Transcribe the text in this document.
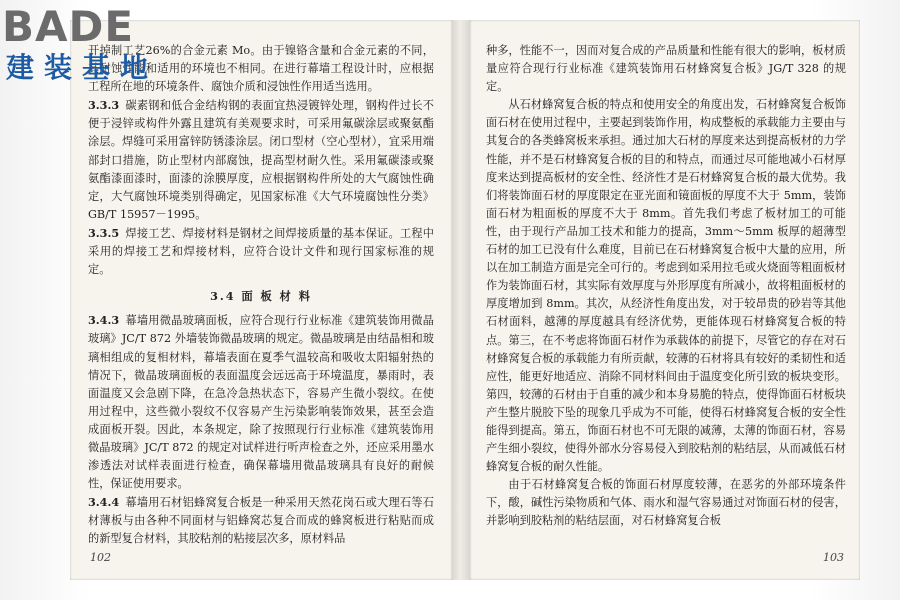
开掉制工艺26%的合金元素 Mo。由于镍铬含量和合金元素的不同，其耐蚀性能和适用的环境也不相同。在进行幕墙工程设计时，应根据工程所在地的环境条件、腐蚀介质和浸蚀性作用适当选用。

3.3.3 碳素钢和低合金结构钢的表面宜热浸镀锌处理，钢构件过长不便于浸锌或构件外露且建筑有美观要求时，可采用氟碳涂层或聚氨酯涂层。焊缝可采用富锌防锈漆涂层。闭口型材（空心型材），宜采用端部封口措施，防止型材内部腐蚀，提高型材耐久性。采用氟碳漆或聚氨酯漆面漆时，面漆的涂膜厚度，应根据钢构件所处的大气腐蚀性确定，大气腐蚀环境类别得确定，见国家标准《大气环境腐蚀性分类》GB/T 15957－1995。

3.3.5 焊接工艺、焊接材料是钢材之间焊接质量的基本保证。工程中采用的焊接工艺和焊接材料，应符合设计文件和现行国家标准的规定。

3.4 面 板 材 料

3.4.3 幕墙用微晶玻璃面板，应符合现行行业标准《建筑装饰用微晶玻璃》JC/T 872 外墙装饰微晶玻璃的规定。微晶玻璃是由结晶相和玻璃相组成的复相材料，幕墙表面在夏季气温较高和吸收太阳辐射热的情况下，微晶玻璃面板的表面温度会远远高于环境温度，暴雨时，表面温度又会急剧下降，在急冷急热状态下，容易产生微小裂纹。在使用过程中，这些微小裂纹不仅容易产生污染影响装饰效果，甚至会造成面板开裂。因此，本条规定，除了按照现行行业标准《建筑装饰用微晶玻璃》JC/T 872 的规定对试样进行听声检查之外，还应采用墨水渗透法对试样表面进行检查，确保幕墙用微晶玻璃具有良好的耐候性，保证使用要求。

3.4.4 幕墙用石材铝蜂窝复合板是一种采用天然花岗石或大理石等石材薄板与由各种不同面材与铝蜂窝芯复合而成的蜂窝板进行粘贴而成的新型复合材料，其胶粘剂的粘接层次多，原材料品

102

种多，性能不一，因而对复合成的产品质量和性能有很大的影响，板材质量应符合现行行业标准《建筑装饰用石材蜂窝复合板》JG/T 328 的规定。

从石材蜂窝复合板的特点和使用安全的角度出发，石材蜂窝复合板饰面石材在使用过程中，主要起到装饰作用，构成整板的承载能力主要由与其复合的各类蜂窝板来承担。通过加大石材的厚度来达到提高板材的力学性能，并不是石材蜂窝复合板的目的和特点，而通过尽可能地减小石材厚度来达到提高板材的安全性、经济性才是石材蜂窝复合板的最大优势。我们将装饰面石材的厚度限定在亚光面和镜面板的厚度不大于 5mm，装饰面石材为粗面板的厚度不大于 8mm。首先我们考虑了板材加工的可能性，由于现行产品加工技术和能力的提高，3mm～5mm 板厚的超薄型石材的加工已没有什么难度，目前已在石材蜂窝复合板中大量的应用，所以在加工制造方面是完全可行的。考虑到如采用拉毛或火烧面等粗面板材作为装饰面石材，其实际有效厚度与外形厚度有所减小，故将粗面板材的厚度增加到 8mm。其次，从经济性角度出发，对于较昂贵的砂岩等其他石材面料，越薄的厚度越具有经济优势，更能体现石材蜂窝复合板的特点。第三，在不考虑将饰面石材作为承载体的前提下，尽管它的存在对石材蜂窝复合板的承载能力有所贡献，较薄的石材将具有较好的柔韧性和适应性，能更好地适应、消除不同材料间由于温度变化所引致的板块变形。第四，较薄的石材由于自重的减少和本身易脆的特点，使得饰面石材板块产生整片脱胶下坠的现象几乎成为不可能，使得石材蜂窝复合板的安全性能得到提高。第五，饰面石材也不可无限的减薄，太薄的饰面石材，容易产生细小裂纹，使得外部水分容易侵入到胶粘剂的粘结层，从而减低石材蜂窝复合板的耐久性能。

由于石材蜂窝复合板的饰面石材厚度较薄，在恶劣的外部环境条件下，酸，碱性污染物质和气体、雨水和湿气容易通过对饰面石材的侵害，并影响到胶粘剂的粘结层面，对石材蜂窝复合板

103
BADE
建装基地
